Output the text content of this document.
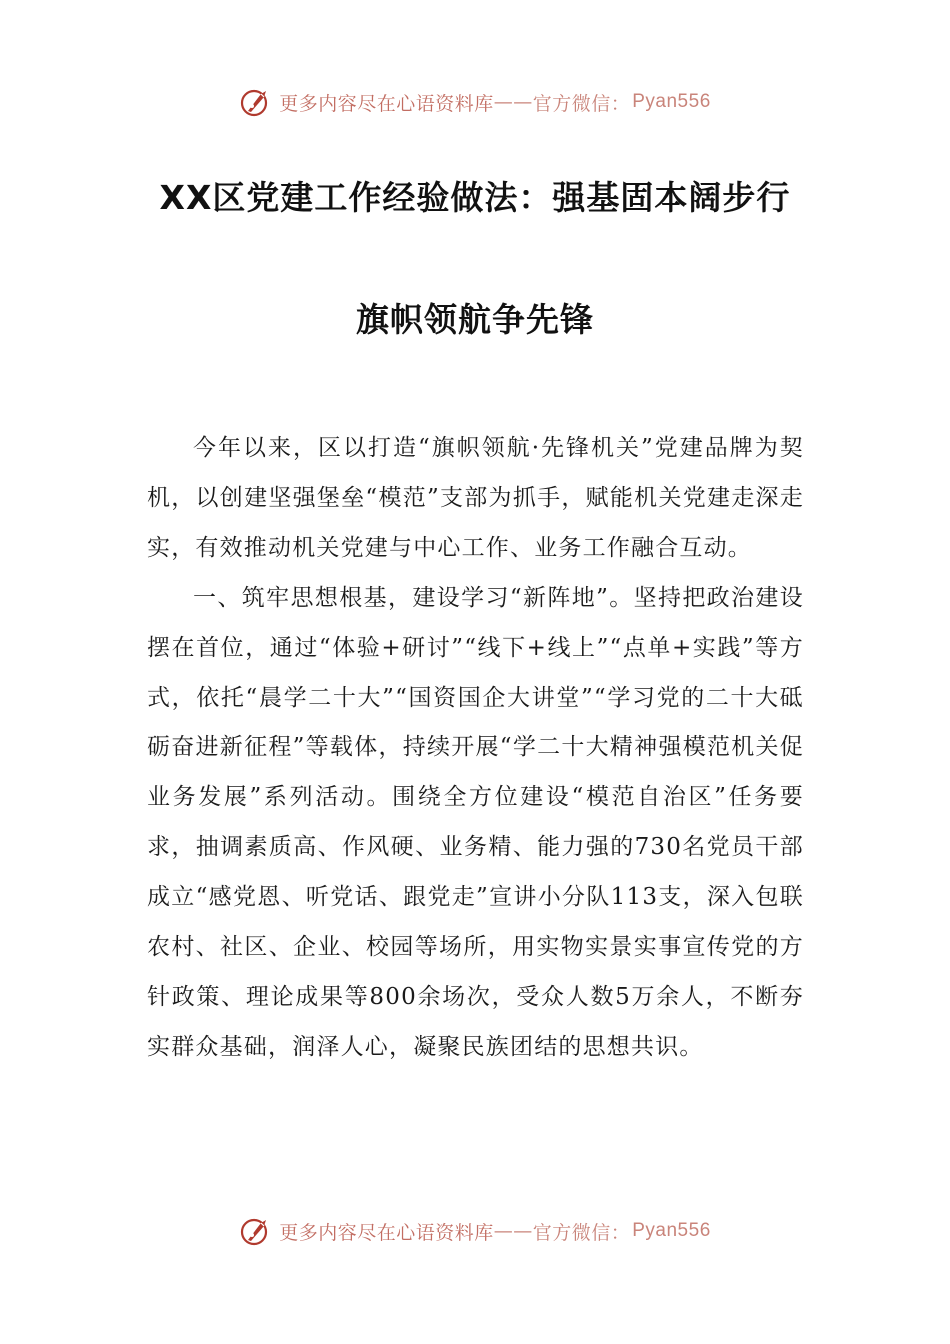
更多内容尽在心语资料库 —— 官方微信： Pyan556
XX区党建工作经验做法：强基固本阔步行
旗帜领航争先锋

今年以来，区以打造“旗帜领航·先锋机关”党建品牌为契机，以创建坚强堡垒“模范”支部为抓手，赋能机关党建走深走实，有效推动机关党建与中心工作、业务工作融合互动。

一、筑牢思想根基，建设学习“新阵地”。坚持把政治建设摆在首位，通过“体验+研讨”“线下+线上”“点单+实践”等方式，依托“晨学二十大”“国资国企大讲堂”“学习党的二十大砥砺奋进新征程”等载体，持续开展“学二十大精神强模范机关促业务发展”系列活动。围绕全方位建设“模范自治区”任务要求，抽调素质高、作风硬、业务精、能力强的730名党员干部成立“感党恩、听党话、跟党走”宣讲小分队113支，深入包联农村、社区、企业、校园等场所，用实物实景实事宣传党的方针政策、理论成果等800余场次，受众人数5万余人，不断夯实群众基础，润泽人心，凝聚民族团结的思想共识。

更多内容尽在心语资料库 —— 官方微信： Pyan556
